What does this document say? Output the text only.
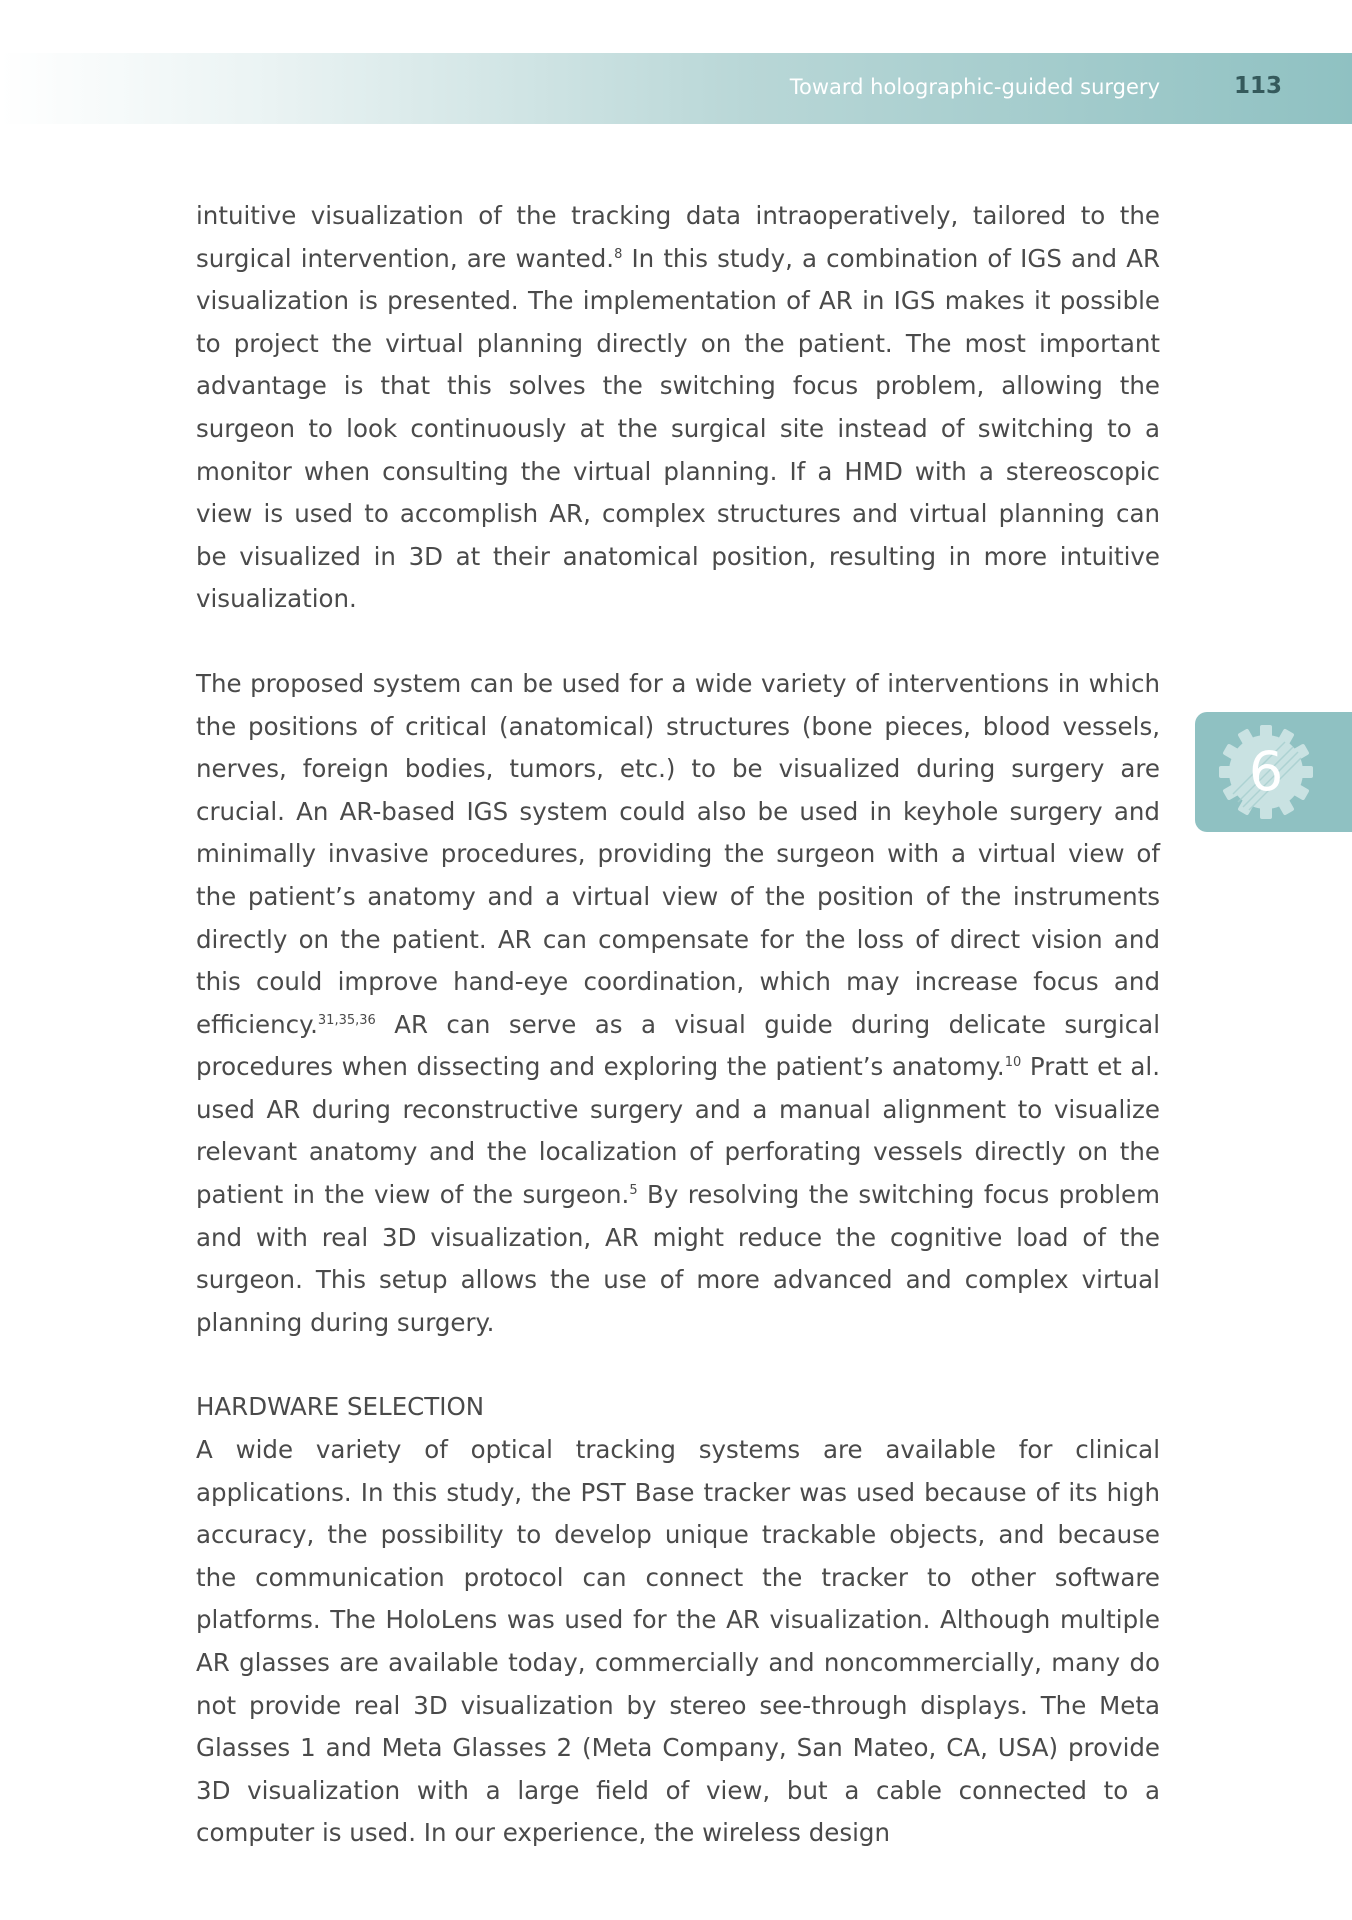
Toward holographic-guided surgery	113
6

intuitive visualization of the tracking data intraoperatively, tailored to the surgical intervention, are wanted.$^8$ In this study, a combination of IGS and AR visualization is presented. The implementation of AR in IGS makes it possible to project the virtual planning directly on the patient. The most important advantage is that this solves the switching focus problem, allowing the surgeon to look continuously at the surgical site instead of switching to a monitor when consulting the virtual planning. If a HMD with a stereoscopic view is used to accomplish AR, complex structures and virtual planning can be visualized in 3D at their anatomical position, resulting in more intuitive visualization.

The proposed system can be used for a wide variety of interventions in which the positions of critical (anatomical) structures (bone pieces, blood vessels, nerves, foreign bodies, tumors, etc.) to be visualized during surgery are crucial. An AR-based IGS system could also be used in keyhole surgery and minimally invasive procedures, providing the surgeon with a virtual view of the patient’s anatomy and a virtual view of the position of the instruments directly on the patient. AR can compensate for the loss of direct vision and this could improve hand-eye coordination, which may increase focus and efficiency.$^{31,35,36}$ AR can serve as a visual guide during delicate surgical procedures when dissecting and exploring the patient’s anatomy.$^{10}$ Pratt et al. used AR during reconstructive surgery and a manual alignment to visualize relevant anatomy and the localization of perforating vessels directly on the patient in the view of the surgeon.$^5$ By resolving the switching focus problem and with real 3D visualization, AR might reduce the cognitive load of the surgeon. This setup allows the use of more advanced and complex virtual planning during surgery.

HARDWARE SELECTION

A wide variety of optical tracking systems are available for clinical applications. In this study, the PST Base tracker was used because of its high accuracy, the possibility to develop unique trackable objects, and because the communication protocol can connect the tracker to other software platforms. The HoloLens was used for the AR visualization. Although multiple AR glasses are available today, commercially and noncommercially, many do not provide real 3D visualization by stereo see-through displays. The Meta Glasses 1 and Meta Glasses 2 (Meta Company, San Mateo, CA, USA) provide 3D visualization with a large field of view, but a cable connected to a computer is used. In our experience, the wireless design
